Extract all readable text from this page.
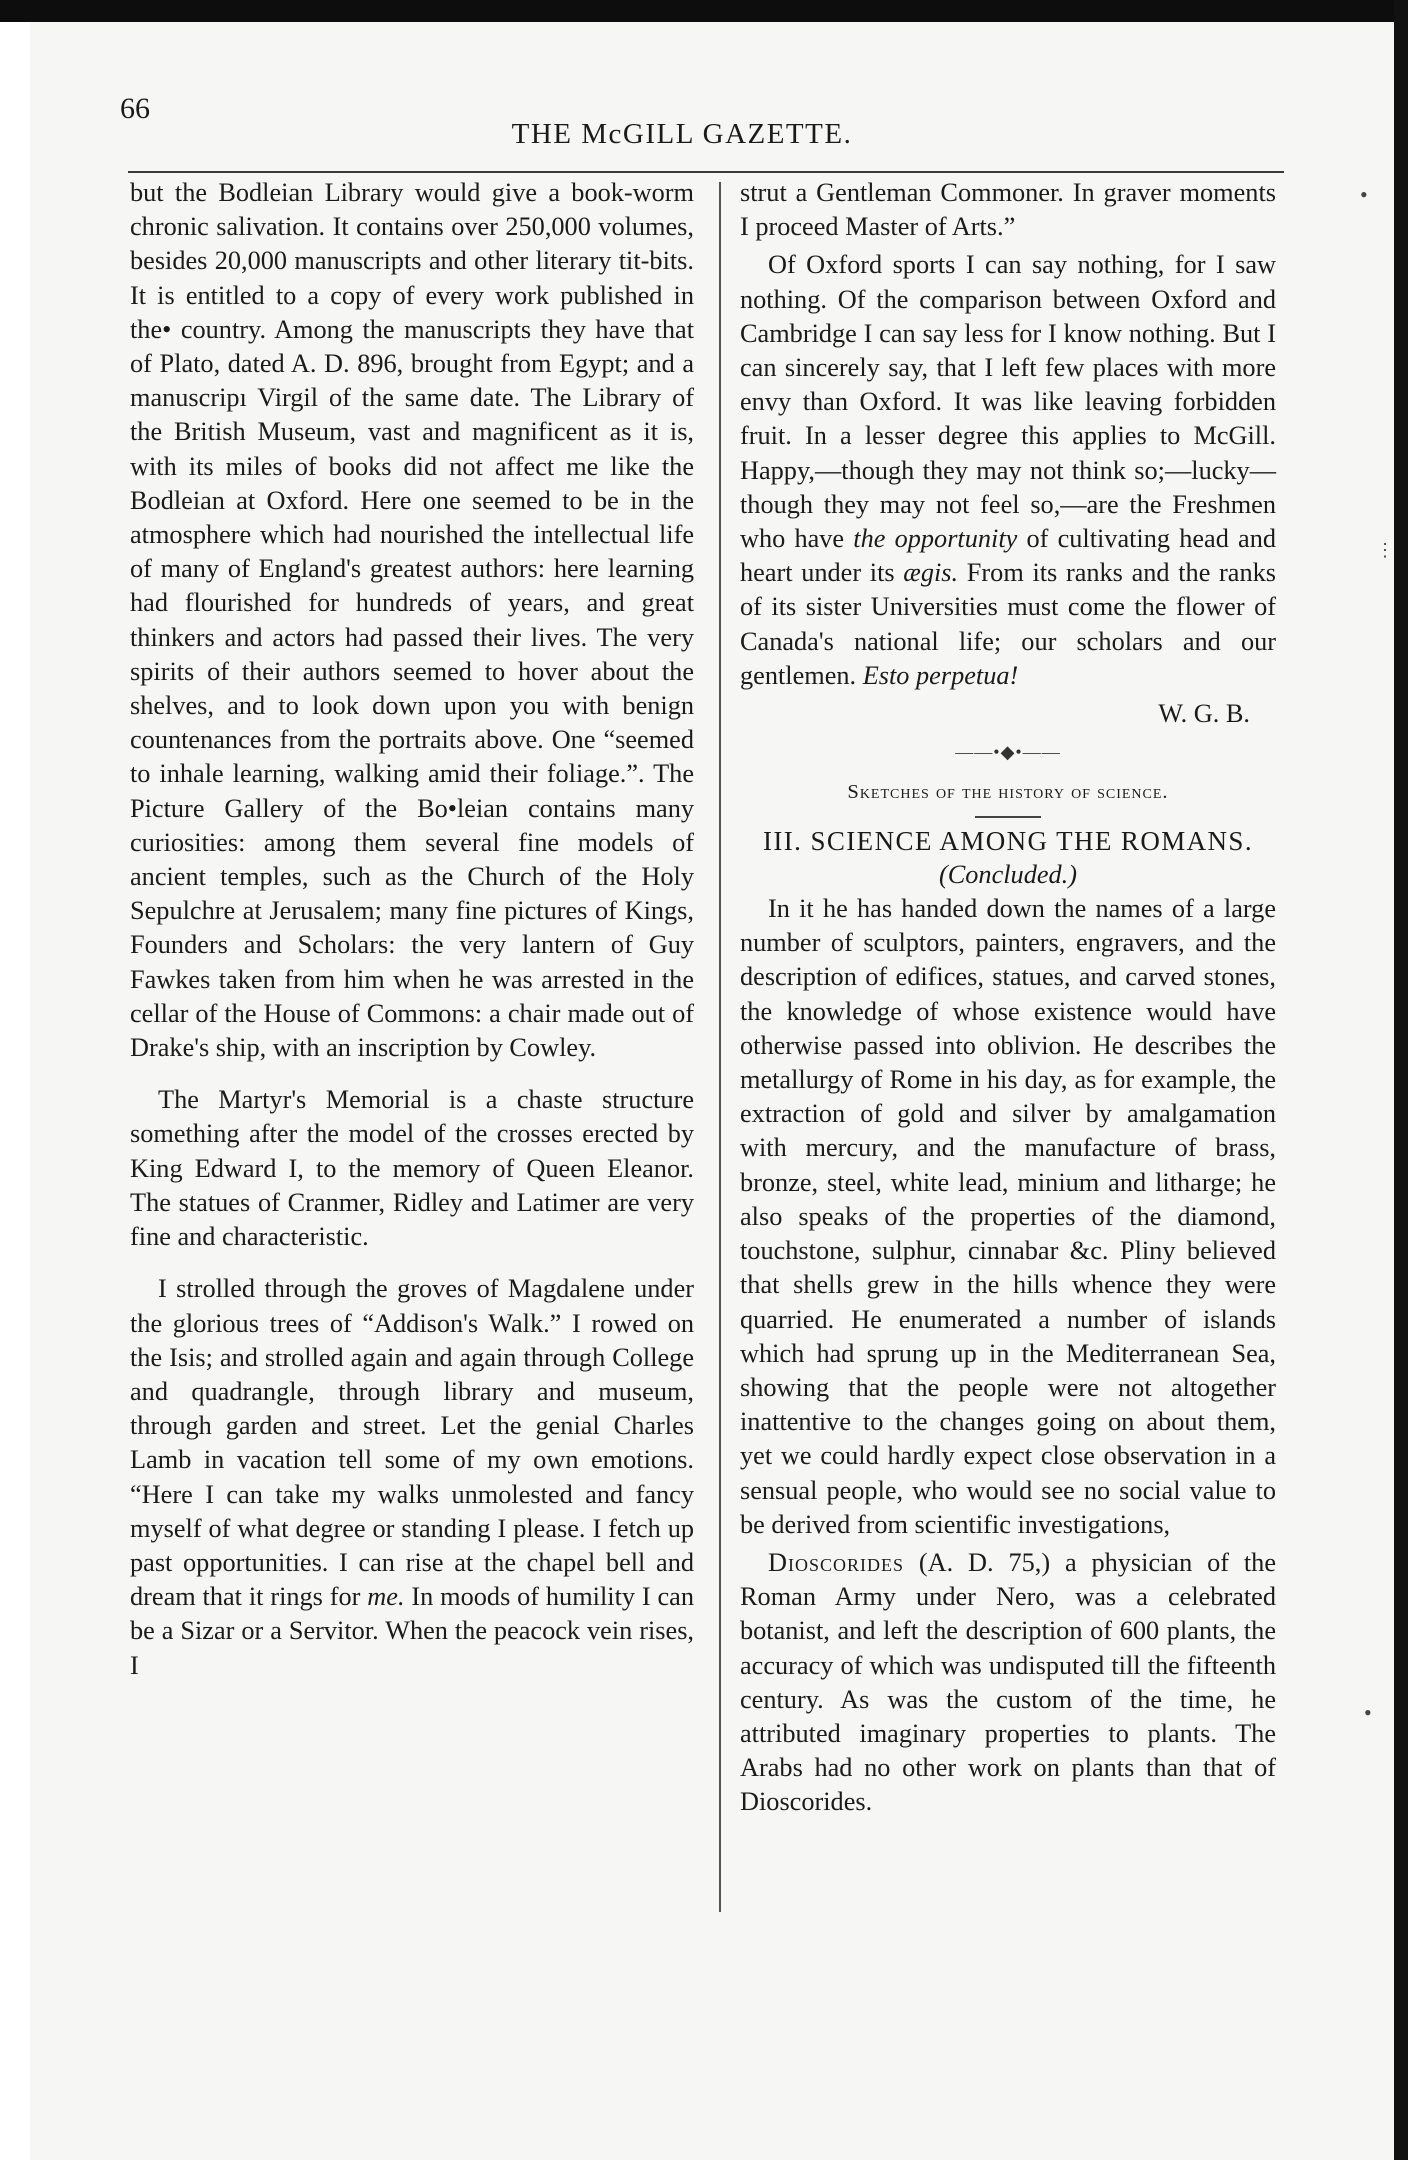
66
THE McGILL GAZETTE.

but the Bodleian Library would give a book-worm chronic salivation. It contains over 250,000 volumes, besides 20,000 manuscripts and other literary tit-bits. It is entitled to a copy of every work published in the• country. Among the manuscripts they have that of Plato, dated A. D. 896, brought from Egypt; and a manuscripı Virgil of the same date. The Library of the British Museum, vast and magnificent as it is, with its miles of books did not affect me like the Bodleian at Oxford. Here one seemed to be in the atmosphere which had nourished the intellectual life of many of England's greatest authors: here learning had flourished for hundreds of years, and great thinkers and actors had passed their lives. The very spirits of their authors seemed to hover about the shelves, and to look down upon you with benign countenances from the portraits above. One “seemed to inhale learning, walking amid their foliage.”. The Picture Gallery of the Bo•leian contains many curiosities: among them several fine models of ancient temples, such as the Church of the Holy Sepulchre at Jerusalem; many fine pictures of Kings, Founders and Scholars: the very lantern of Guy Fawkes taken from him when he was arrested in the cellar of the House of Commons: a chair made out of Drake's ship, with an inscription by Cowley.

The Martyr's Memorial is a chaste structure something after the model of the crosses erected by King Edward I, to the memory of Queen Eleanor. The statues of Cranmer, Ridley and Latimer are very fine and characteristic.

I strolled through the groves of Magdalene under the glorious trees of “Addison's Walk.” I rowed on the Isis; and strolled again and again through College and quadrangle, through library and museum, through garden and street. Let the genial Charles Lamb in vacation tell some of my own emotions. “Here I can take my walks unmolested and fancy myself of what degree or standing I please. I fetch up past opportunities. I can rise at the chapel bell and dream that it rings for me. In moods of humility I can be a Sizar or a Servitor. When the peacock vein rises, I

strut a Gentleman Commoner. In graver moments I proceed Master of Arts.”

Of Oxford sports I can say nothing, for I saw nothing. Of the comparison between Oxford and Cambridge I can say less for I know nothing. But I can sincerely say, that I left few places with more envy than Oxford. It was like leaving forbidden fruit. In a lesser degree this applies to McGill. Happy,—though they may not think so;—lucky—though they may not feel so,—are the Freshmen who have the opportunity of cultivating head and heart under its ægis. From its ranks and the ranks of its sister Universities must come the flower of Canada's national life; our scholars and our gentlemen. Esto perpetua!

W. G. B.

——•◆•——

Sketches of the history of science.

III. SCIENCE AMONG THE ROMANS.

(Concluded.)

In it he has handed down the names of a large number of sculptors, painters, engravers, and the description of edifices, statues, and carved stones, the knowledge of whose existence would have otherwise passed into oblivion. He describes the metallurgy of Rome in his day, as for example, the extraction of gold and silver by amalgamation with mercury, and the manufacture of brass, bronze, steel, white lead, minium and litharge; he also speaks of the properties of the diamond, touchstone, sulphur, cinnabar &c. Pliny believed that shells grew in the hills whence they were quarried. He enumerated a number of islands which had sprung up in the Mediterranean Sea, showing that the people were not altogether inattentive to the changes going on about them, yet we could hardly expect close observation in a sensual people, who would see no social value to be derived from scientific investigations,

Dioscorides (A. D. 75,) a physician of the Roman Army under Nero, was a celebrated botanist, and left the description of 600 plants, the accuracy of which was undisputed till the fifteenth century. As was the custom of the time, he attributed imaginary properties to plants. The Arabs had no other work on plants than that of Dioscorides.

•
⋮
•
